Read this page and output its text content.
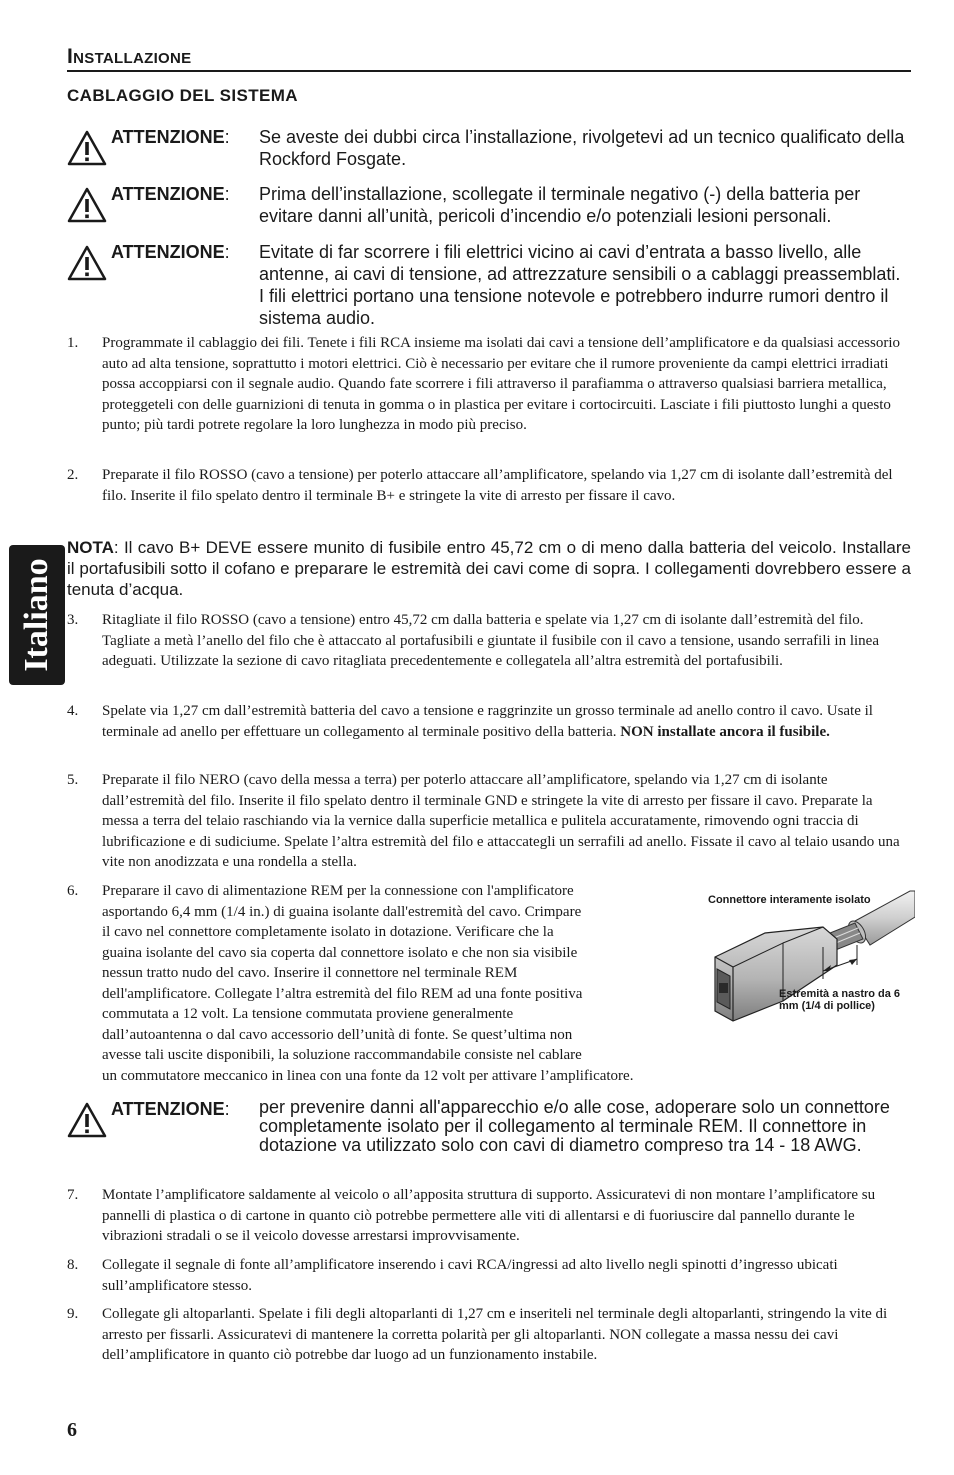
Installazione
CABLAGGIO DEL SISTEMA
ATTENZIONE: Se aveste dei dubbi circa l’installazione, rivolgetevi ad un tecnico qualificato della Rockford Fosgate.
ATTENZIONE: Prima dell’installazione, scollegate il terminale negativo (-) della batteria per evitare danni all’unità, pericoli d’incendio e/o potenziali lesioni personali.
ATTENZIONE: Evitate di far scorrere i fili elettrici vicino ai cavi d’entrata a basso livello, alle antenne, ai cavi di tensione, ad attrezzature sensibili o a cablaggi preassemblati. I fili elettrici portano una tensione notevole e potrebbero indurre rumori dentro il sistema audio.
1. Programmate il cablaggio dei fili. Tenete i fili RCA insieme ma isolati dai cavi a tensione dell’amplificatore e da qualsiasi accessorio auto ad alta tensione, soprattutto i motori elettrici. Ciò è necessario per evitare che il rumore proveniente da campi elettrici irradiati possa accoppiarsi con il segnale audio. Quando fate scorrere i fili attraverso il parafiamma o attraverso qualsiasi barriera metallica, proteggeteli con delle guarnizioni di tenuta in gomma o in plastica per evitare i cortocircuiti. Lasciate i fili piuttosto lunghi a questo punto; più tardi potrete regolare la loro lunghezza in modo più preciso.
2. Preparate il filo ROSSO (cavo a tensione) per poterlo attaccare all’amplificatore, spelando via 1,27 cm di isolante dall’estremità del filo. Inserite il filo spelato dentro il terminale B+ e stringete la vite di arresto per fissare il cavo.
NOTA: Il cavo B+ DEVE essere munito di fusibile entro 45,72 cm o di meno dalla batteria del veicolo. Installare il portafusibili sotto il cofano e preparare le estremità dei cavi come di sopra. I collegamenti dovrebbero essere a tenuta d’acqua.
Italiano 3. Ritagliate il filo ROSSO (cavo a tensione) entro 45,72 cm dalla batteria e spelate via 1,27 cm di isolante dall’estremità del filo. Tagliate a metà l’anello del filo che è attaccato al portafusibili e giuntate il fusibile con il cavo a tensione, usando serrafili in linea adeguati. Utilizzate la sezione di cavo ritagliata precedentemente e collegatela all’altra estremità del portafusibili.
4. Spelate via 1,27 cm dall’estremità batteria del cavo a tensione e raggrinzite un grosso terminale ad anello contro il cavo. Usate il terminale ad anello per effettuare un collegamento al terminale positivo della batteria. NON installate ancora il fusibile.
5. Preparate il filo NERO (cavo della messa a terra) per poterlo attaccare all’amplificatore, spelando via 1,27 cm di isolante dall’estremità del filo. Inserite il filo spelato dentro il terminale GND e stringete la vite di arresto per fissare il cavo. Preparate la messa a terra del telaio raschiando via la vernice dalla superficie metallica e pulitela accuratamente, rimovendo ogni traccia di lubrificazione e di sudiciume. Spelate l’altra estremità del filo e attaccategli un serrafili ad anello. Fissate il cavo al telaio usando una vite non anodizzata e una rondella a stella.
6. Preparare il cavo di alimentazione REM per la connessione con l'amplificatore
asportando 6,4 mm (1/4 in.) di guaina isolante dall'estremità del cavo. Crimpare
il cavo nel connettore completamente isolato in dotazione. Verificare che la
guaina isolante del cavo sia coperta dal connettore isolato e che non sia visibile
nessun tratto nudo del cavo. Inserire il connettore nel terminale REM
dell'amplificatore. Collegate l’altra estremità del filo REM ad una fonte positiva
commutata a 12 volt. La tensione commutata proviene generalmente
dall’autoantenna o dal cavo accessorio dell’unità di fonte. Se quest’ultima non
avesse tali uscite disponibili, la soluzione raccommandabile consiste nel cablare
un commutatore meccanico in linea con una fonte da 12 volt per attivare l’amplificatore.
Connettore interamente isolato
Estremità a nastro da 6 mm (1/4 di pollice)
ATTENZIONE: per prevenire danni all'apparecchio e/o alle cose, adoperare solo un connettore completamente isolato per il collegamento al terminale REM. Il connettore in dotazione va utilizzato solo con cavi di diametro compreso tra 14 - 18 AWG.
7. Montate l’amplificatore saldamente al veicolo o all’apposita struttura di supporto. Assicuratevi di non montare l’amplificatore su pannelli di plastica o di cartone in quanto ciò potrebbe permettere alle viti di allentarsi e di fuoriuscire dal pannello durante le vibrazioni stradali o se il veicolo dovesse arrestarsi improvvisamente.
8. Collegate il segnale di fonte all’amplificatore inserendo i cavi RCA/ingressi ad alto livello negli spinotti d’ingresso ubicati sull’amplificatore stesso.
9. Collegate gli altoparlanti. Spelate i fili degli altoparlanti di 1,27 cm e inseriteli nel terminale degli altoparlanti, stringendo la vite di arresto per fissarli. Assicuratevi di mantenere la corretta polarità per gli altoparlanti. NON collegate a massa nessu dei cavi dell’amplificatore in quanto ciò potrebbe dar luogo ad un funzionamento instabile.
6
